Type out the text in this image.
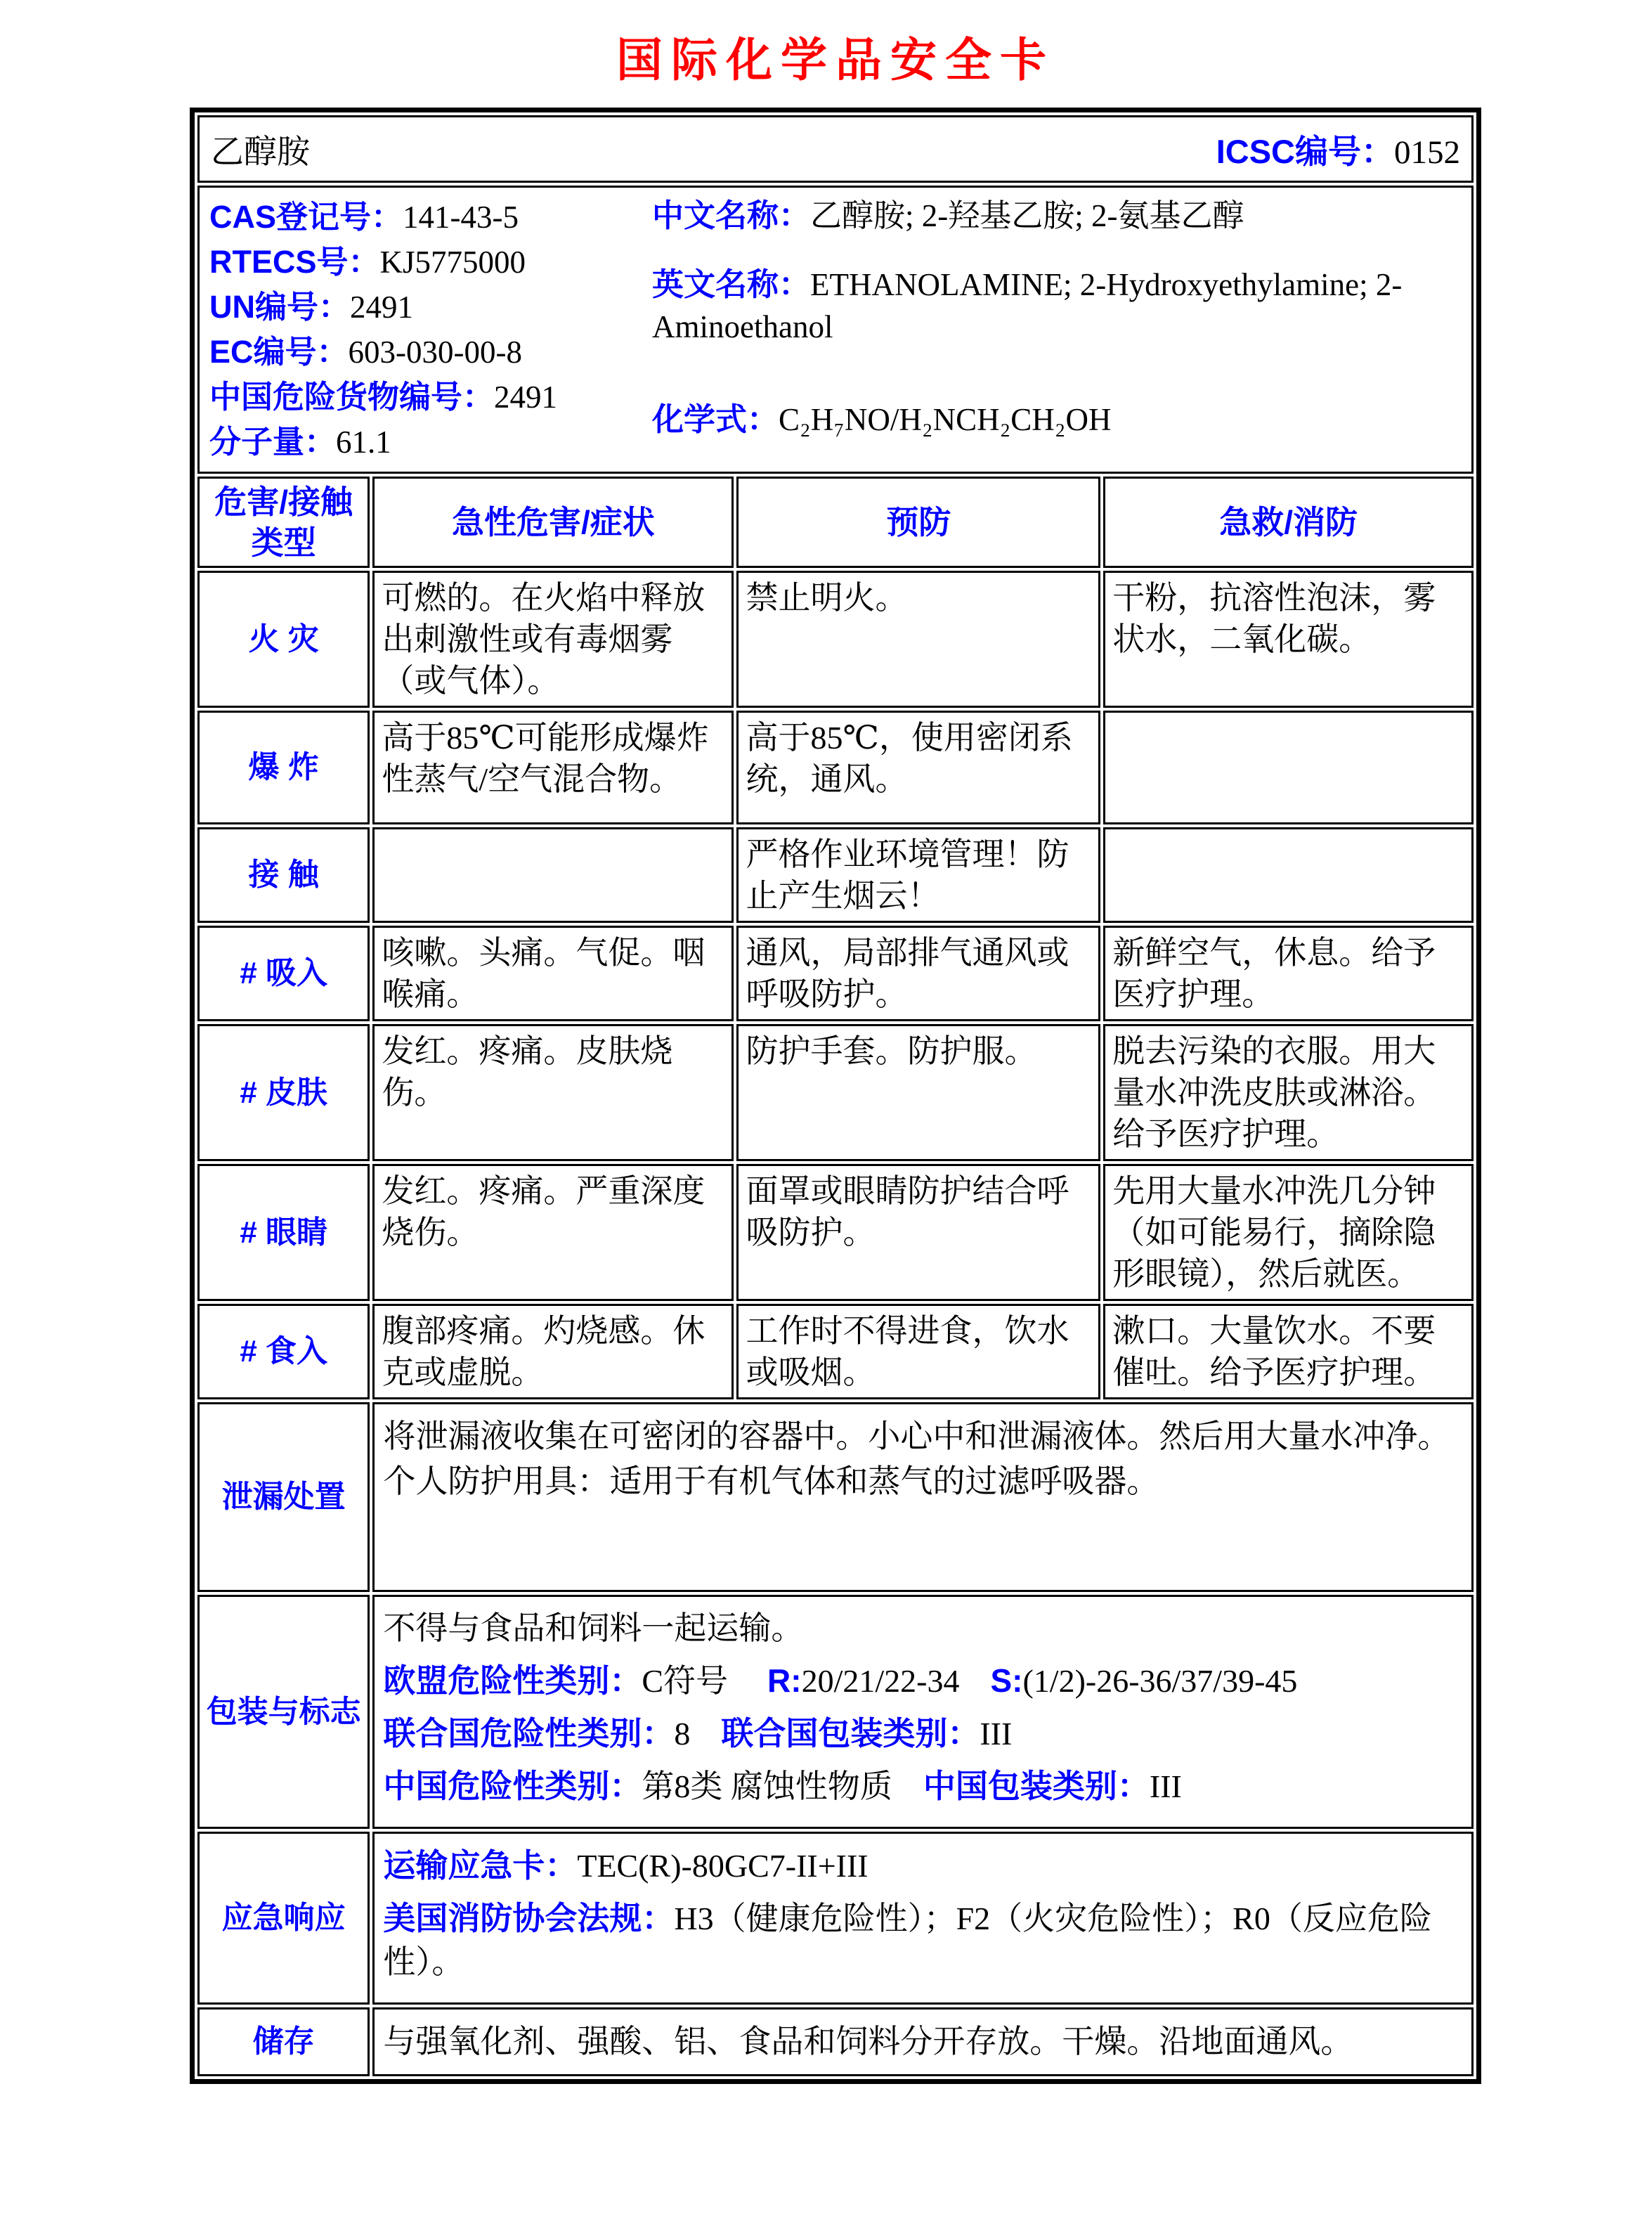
国际化学品安全卡
乙醇胺 ICSC编号：0152			

CAS登记号：141-43-5
RTECS号：KJ5775000
UN编号：2491
EC编号：603-030-00-8
中国危险货物编号：2491
分子量：61.1
中文名称：乙醇胺; 2-羟基乙胺; 2-氨基乙醇
英文名称：ETHANOLAMINE; 2-Hydroxyethylamine; 2-Aminoethanol
化学式：C₂H₇NO/H₂NCH₂CH₂OH

危害/接触类型	急性危害/症状	预防	急救/消防
火 灾	可燃的。在火焰中释放出刺激性或有毒烟雾（或气体）。	禁止明火。	干粉，抗溶性泡沫，雾状水，二氧化碳。
爆 炸	高于85℃可能形成爆炸性蒸气/空气混合物。	高于85℃，使用密闭系统，通风。	
接 触		严格作业环境管理！防止产生烟云！	
# 吸入	咳嗽。头痛。气促。咽喉痛。	通风，局部排气通风或呼吸防护。	新鲜空气，休息。给予医疗护理。
# 皮肤	发红。疼痛。皮肤烧伤。	防护手套。防护服。	脱去污染的衣服。用大量水冲洗皮肤或淋浴。给予医疗护理。
# 眼睛	发红。疼痛。严重深度烧伤。	面罩或眼睛防护结合呼吸防护。	先用大量水冲洗几分钟（如可能易行，摘除隐形眼镜），然后就医。
# 食入	腹部疼痛。灼烧感。休克或虚脱。	工作时不得进食，饮水或吸烟。	漱口。大量饮水。不要催吐。给予医疗护理。
泄漏处置	将泄漏液收集在可密闭的容器中。小心中和泄漏液体。然后用大量水冲净。个人防护用具：适用于有机气体和蒸气的过滤呼吸器。		
包装与标志	不得与食品和饲料一起运输。
欧盟危险性类别：C符号 R:20/21/22-34 S:(1/2)-26-36/37/39-45
联合国危险性类别：8 联合国包装类别：III
中国危险性类别：第8类 腐蚀性物质 中国包装类别：III		

应急响应	运输应急卡：TEC(R)-80GC7-II+III
美国消防协会法规：H3（健康危险性）；F2（火灾危险性）；R0（反应危险性）。		

储存	与强氧化剂、强酸、铝、食品和饲料分开存放。干燥。沿地面通风。		
